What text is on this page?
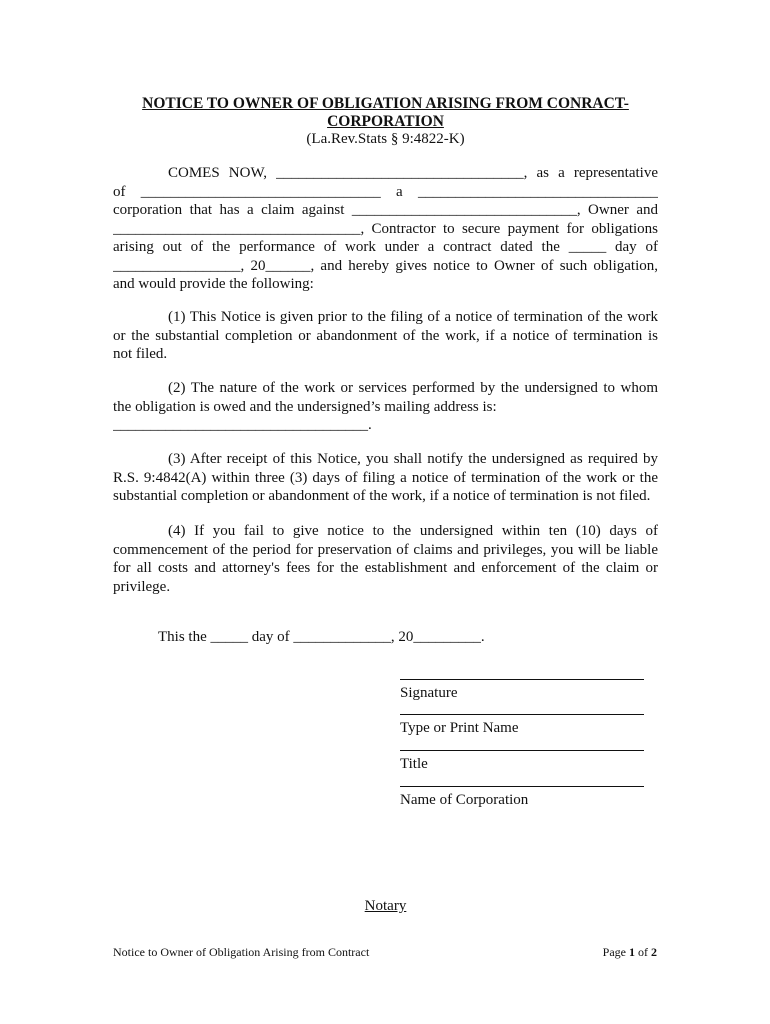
NOTICE TO OWNER OF OBLIGATION ARISING FROM CONRACT-
CORPORATION
(La.Rev.Stats § 9:4822-K)
COMES NOW, _________________________________, as a representative
of ________________________________ a ________________________________
corporation that has a claim against ______________________________, Owner and
_________________________________, Contractor to secure payment for obligations
arising out of the performance of work under a contract dated the _____ day of
_________________, 20______, and hereby gives notice to Owner of such obligation,
and would provide the following:
(1) This Notice is given prior to the filing of a notice of termination of the work
or the substantial completion or abandonment of the work, if a notice of termination is
not filed.
(2) The nature of the work or services performed by the undersigned to whom
the obligation is owed and the undersigned’s mailing address is:
__________________________________.
(3) After receipt of this Notice, you shall notify the undersigned as required by
R.S. 9:4842(A) within three (3) days of filing a notice of termination of the work or the
substantial completion or abandonment of the work, if a notice of termination is not filed.
(4) If you fail to give notice to the undersigned within ten (10) days of
commencement of the period for preservation of claims and privileges, you will be liable
for all costs and attorney's fees for the establishment and enforcement of the claim or
privilege.
This the _____ day of _____________, 20_________.
Signature
Type or Print Name
Title
Name of Corporation
Notary
Notice to Owner of Obligation Arising from Contract	Page 1 of 2
